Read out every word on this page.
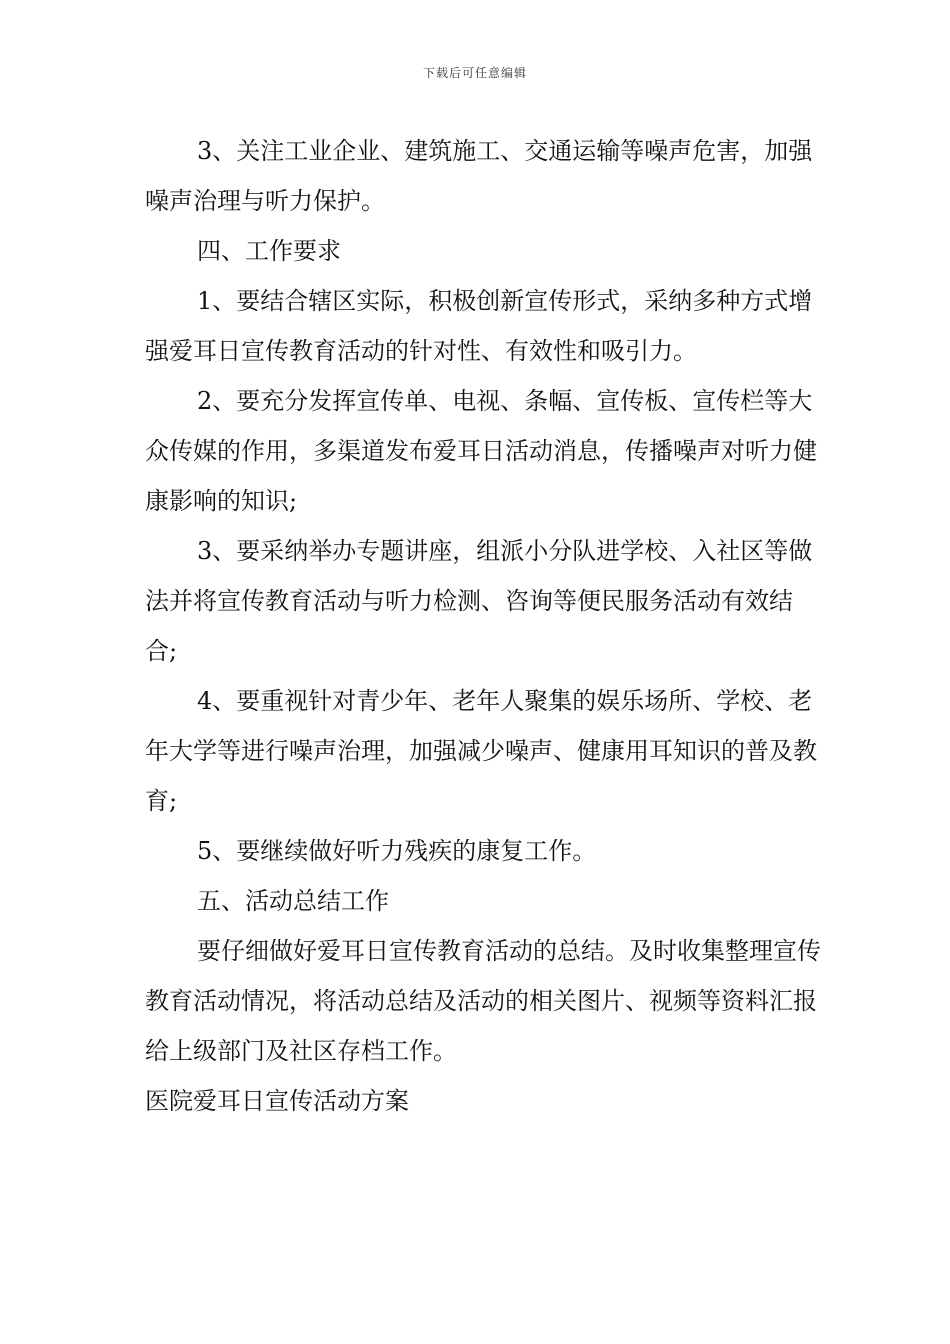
下载后可任意编辑

3、关注工业企业、建筑施工、交通运输等噪声危害，加强噪声治理与听力保护。

四、工作要求

1、要结合辖区实际，积极创新宣传形式，采纳多种方式增强爱耳日宣传教育活动的针对性、有效性和吸引力。

2、要充分发挥宣传单、电视、条幅、宣传板、宣传栏等大众传媒的作用，多渠道发布爱耳日活动消息，传播噪声对听力健康影响的知识;

3、要采纳举办专题讲座，组派小分队进学校、入社区等做法并将宣传教育活动与听力检测、咨询等便民服务活动有效结合;

4、要重视针对青少年、老年人聚集的娱乐场所、学校、老年大学等进行噪声治理，加强减少噪声、健康用耳知识的普及教育;

5、要继续做好听力残疾的康复工作。

五、活动总结工作

要仔细做好爱耳日宣传教育活动的总结。及时收集整理宣传教育活动情况，将活动总结及活动的相关图片、视频等资料汇报给上级部门及社区存档工作。

医院爱耳日宣传活动方案
